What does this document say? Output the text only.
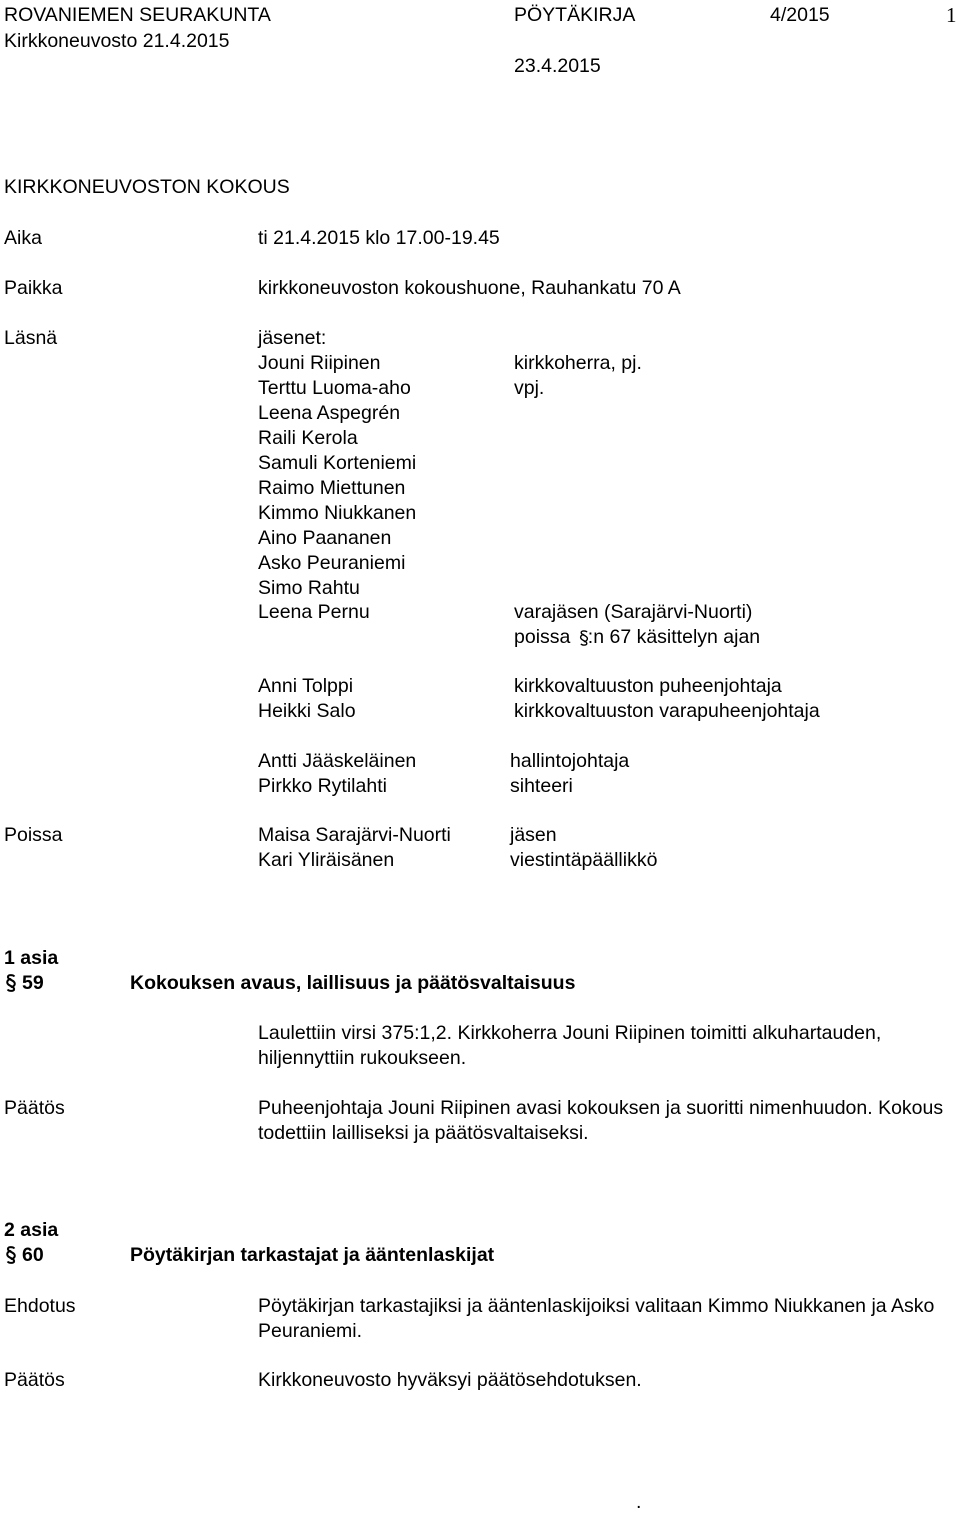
ROVANIEMEN SEURAKUNTA
Kirkkoneuvosto 21.4.2015
PÖYTÄKIRJA	4/2015	1
23.4.2015
KIRKKONEUVOSTON KOKOUS
Aika	ti 21.4.2015 klo 17.00-19.45
Paikka	kirkkoneuvoston kokoushuone, Rauhankatu 70 A
Läsnä	jäsenet:
Jouni Riipinen	kirkkoherra, pj.
Terttu Luoma-aho	vpj.
Leena Aspegrén
Raili Kerola
Samuli Korteniemi
Raimo Miettunen
Kimmo Niukkanen
Aino Paananen
Asko Peuraniemi
Simo Rahtu
Leena Pernu	varajäsen (Sarajärvi-Nuorti)
poissa :n 67 käsittelyn ajan
Anni Tolppi	kirkkovaltuuston puheenjohtaja
Heikki Salo	kirkkovaltuuston varapuheenjohtaja
Antti Jääskeläinen	hallintojohtaja
Pirkko Rytilahti	sihteeri
Poissa	Maisa Sarajärvi-Nuorti	jäsen
Kari Yliräisänen	viestintäpäällikkö
1 asia
59	Kokouksen avaus, laillisuus ja päätösvaltaisuus
Laulettiin virsi 375:1,2. Kirkkoherra Jouni Riipinen toimitti alkuhartauden, hiljennyttiin rukoukseen.
Päätös	Puheenjohtaja Jouni Riipinen avasi kokouksen ja suoritti nimenhuudon. Kokous todettiin lailliseksi ja päätösvaltaiseksi.
2 asia
60	Pöytäkirjan tarkastajat ja ääntenlaskijat
Ehdotus	Pöytäkirjan tarkastajiksi ja ääntenlaskijoiksi valitaan Kimmo Niukkanen ja Asko Peuraniemi.
Päätös	Kirkkoneuvosto hyväksyi päätösehdotuksen.
.
